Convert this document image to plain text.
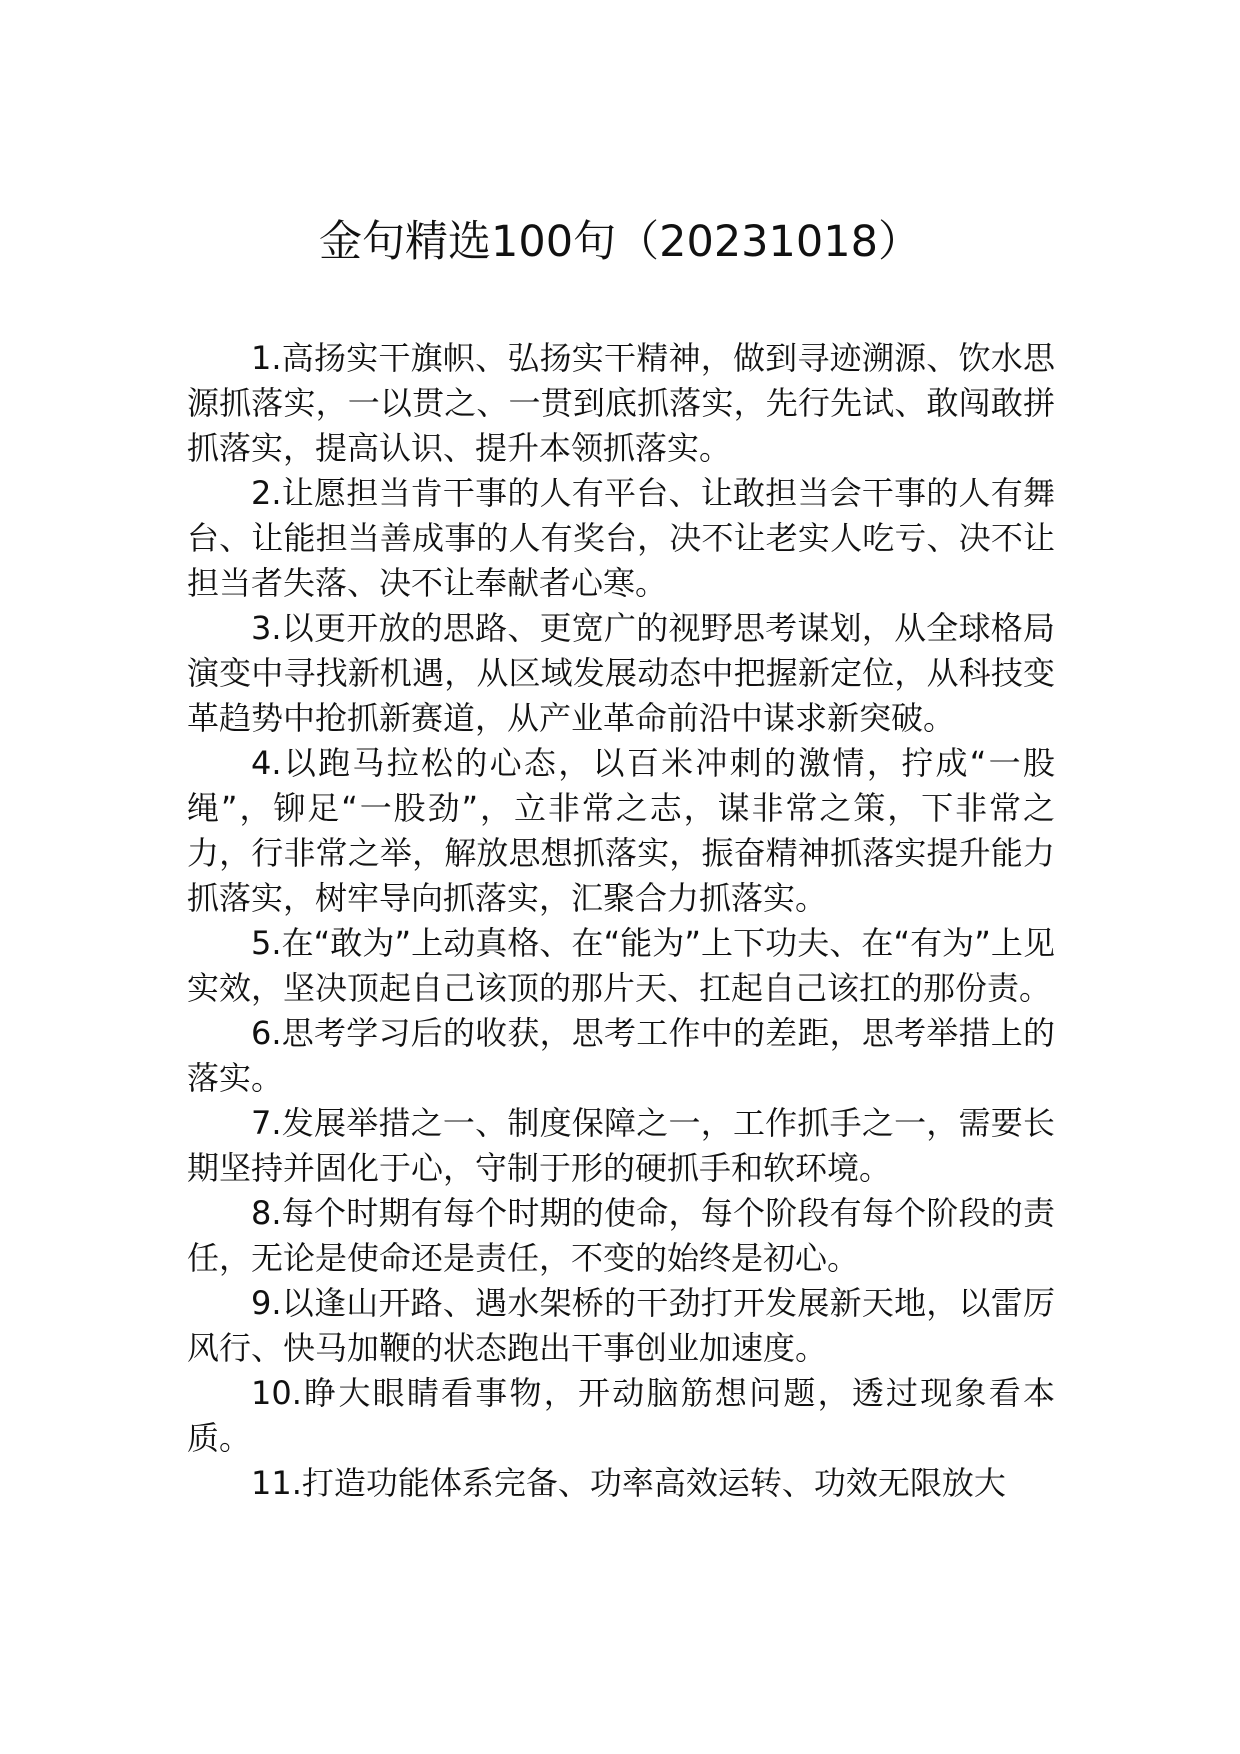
金句精选100句（20231018）

1.高扬实干旗帜、弘扬实干精神，做到寻迹溯源、饮水思源抓落实，一以贯之、一贯到底抓落实，先行先试、敢闯敢拼抓落实，提高认识、提升本领抓落实。

2.让愿担当肯干事的人有平台、让敢担当会干事的人有舞台、让能担当善成事的人有奖台，决不让老实人吃亏、决不让担当者失落、决不让奉献者心寒。

3.以更开放的思路、更宽广的视野思考谋划，从全球格局演变中寻找新机遇，从区域发展动态中把握新定位，从科技变革趋势中抢抓新赛道，从产业革命前沿中谋求新突破。

4.以跑马拉松的心态，以百米冲刺的激情，拧成“一股绳”，铆足“一股劲”，立非常之志，谋非常之策，下非常之力，行非常之举，解放思想抓落实，振奋精神抓落实提升能力抓落实，树牢导向抓落实，汇聚合力抓落实。

5.在“敢为”上动真格、在“能为”上下功夫、在“有为”上见实效，坚决顶起自己该顶的那片天、扛起自己该扛的那份责。

6.思考学习后的收获，思考工作中的差距，思考举措上的落实。

7.发展举措之一、制度保障之一，工作抓手之一，需要长期坚持并固化于心，守制于形的硬抓手和软环境。

8.每个时期有每个时期的使命，每个阶段有每个阶段的责任，无论是使命还是责任，不变的始终是初心。

9.以逢山开路、遇水架桥的干劲打开发展新天地，以雷厉风行、快马加鞭的状态跑出干事创业加速度。

10.睁大眼睛看事物，开动脑筋想问题，透过现象看本质。

11.打造功能体系完备、功率高效运转、功效无限放大
